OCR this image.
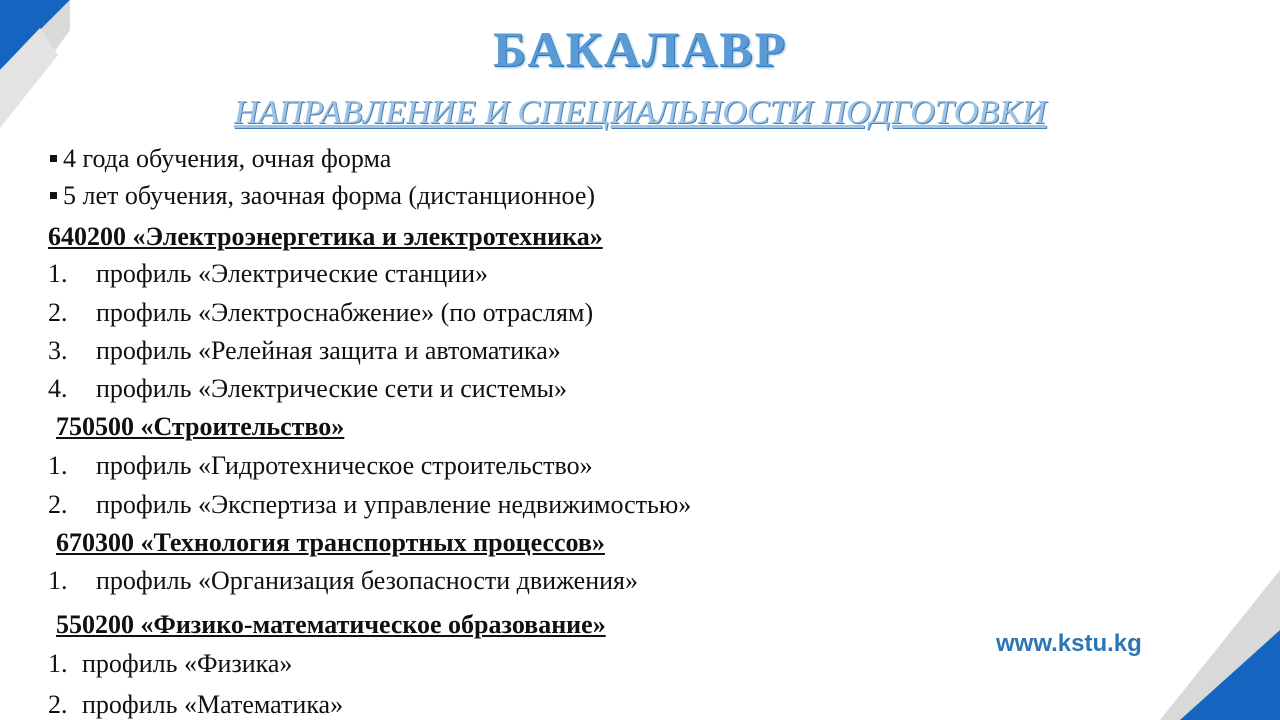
БАКАЛАВР
НАПРАВЛЕНИЕ И СПЕЦИАЛЬНОСТИ ПОДГОТОВКИ
4 года обучения, очная форма
5 лет обучения, заочная форма (дистанционное)
640200 «Электроэнергетика и электротехника»
1. профиль «Электрические станции»
2. профиль «Электроснабжение» (по отраслям)
3. профиль «Релейная защита и автоматика»
4. профиль «Электрические сети и системы»
750500 «Строительство»
1. профиль «Гидротехническое строительство»
2. профиль «Экспертиза и управление недвижимостью»
670300 «Технология транспортных процессов»
1. профиль «Организация безопасности движения»
550200 «Физико-математическое образование»
1. профиль «Физика»
2. профиль «Математика»
www.kstu.kg
